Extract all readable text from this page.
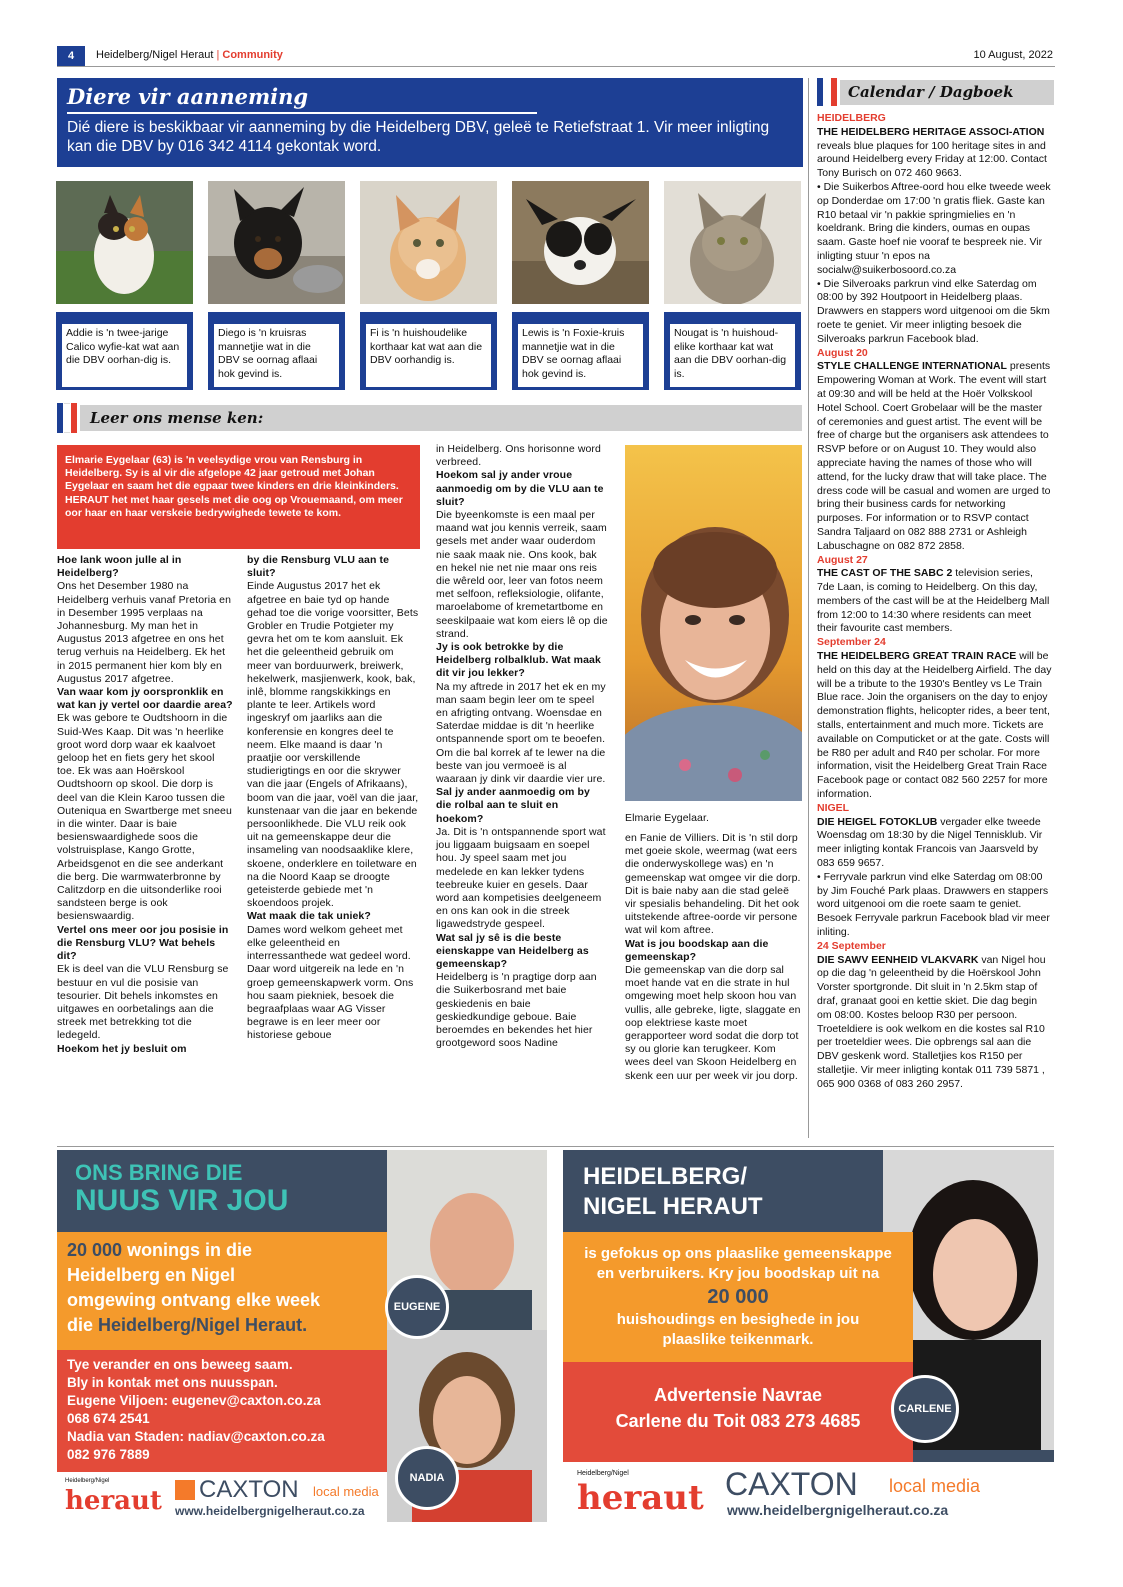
4	Heidelberg/Nigel Heraut | Community	10 August, 2022
Diere vir aanneming
Dié diere is beskikbaar vir aanneming by die Heidelberg DBV, geleë te Retiefstraat 1. Vir meer inligting kan die DBV by 016 342 4114 gekontak word.
Addie is 'n twee-jarige Calico wyfie-kat wat aan die DBV oorhan-dig is.
Diego is 'n kruisras mannetjie wat in die DBV se oornag aflaai hok gevind is.
Fi is 'n huishoudelike korthaar kat wat aan die DBV oorhandig is.
Lewis is 'n Foxie-kruis mannetjie wat in die DBV se oornag aflaai hok gevind is.
Nougat is 'n huishoud-elike korthaar kat wat aan die DBV oorhan-dig is.
Leer ons mense ken:
Elmarie Eygelaar (63) is 'n veelsydige vrou van Rensburg in Heidelberg. Sy is al vir die afgelope 42 jaar getroud met Johan Eygelaar en saam het die egpaar twee kinders en drie kleinkinders. HERAUT het met haar gesels met die oog op Vrouemaand, om meer oor haar en haar verskeie bedrywighede tewete te kom.
Hoe lank woon julle al in Heidelberg?
Ons het Desember 1980 na Heidelberg verhuis vanaf Pretoria en in Desember 1995 verplaas na Johannesburg. My man het in Augustus 2013 afgetree en ons het terug verhuis na Heidelberg. Ek het in 2015 permanent hier kom bly en Augustus 2017 afgetree.
Van waar kom jy oorspronklik en wat kan jy vertel oor daardie area?
Ek was gebore te Oudtshoorn in die Suid-Wes Kaap. Dit was 'n heerlike groot word dorp waar ek kaalvoet geloop het en fiets gery het skool toe. Ek was aan Hoërskool Oudtshoorn op skool. Die dorp is deel van die Klein Karoo tussen die Outeniqua en Swartberge met sneeu in die winter. Daar is baie besienswaardighede soos die volstruisplase, Kango Grotte, Arbeidsgenot en die see anderkant die berg. Die warmwaterbronne by Calitzdorp en die uitsonderlike rooi sandsteen berge is ook besienswaardig.
Vertel ons meer oor jou posisie in die Rensburg VLU? Wat behels dit?
Ek is deel van die VLU Rensburg se bestuur en vul die posisie van tesourier. Dit behels inkomstes en uitgawes en oorbetalings aan die streek met betrekking tot die ledegeld.
Hoekom het jy besluit om
by die Rensburg VLU aan te sluit?
Einde Augustus 2017 het ek afgetree en baie tyd op hande gehad toe die vorige voorsitter, Bets Grobler en Trudie Potgieter my gevra het om te kom aansluit. Ek het die geleentheid gebruik om meer van borduurwerk, breiwerk, hekelwerk, masjienwerk, kook, bak, inlê, blomme rangskikkings en plante te leer. Artikels word ingeskryf om jaarliks aan die konferensie en kongres deel te neem. Elke maand is daar 'n praatjie oor verskillende studierigtings en oor die skrywer van die jaar (Engels of Afrikaans), boom van die jaar, voël van die jaar, kunstenaar van die jaar en bekende persoonlikhede. Die VLU reik ook uit na gemeenskappe deur die insameling van noodsaaklike klere, skoene, onderklere en toiletware en na die Noord Kaap se droogte geteisterde gebiede met 'n skoendoos projek.
Wat maak die tak uniek?
Dames word welkom geheet met elke geleentheid en interressanthede wat gedeel word. Daar word uitgereik na lede en 'n groep gemeenskapwerk vorm. Ons hou saam piekniek, besoek die begraafplaas waar AG Visser begrawe is en leer meer oor historiese geboue
in Heidelberg. Ons horisonne word verbreed.
Hoekom sal jy ander vroue aanmoedig om by die VLU aan te sluit?
Die byeenkomste is een maal per maand wat jou kennis verreik, saam gesels met ander waar ouderdom nie saak maak nie. Ons kook, bak en hekel nie net nie maar ons reis die wêreld oor, leer van fotos neem met selfoon, refleksiologie, olifante, maroelabome of kremetartbome en seeskilpaaie wat kom eiers lê op die strand.
Jy is ook betrokke by die Heidelberg rolbalklub. Wat maak dit vir jou lekker?
Na my aftrede in 2017 het ek en my man saam begin leer om te speel en afrigting ontvang. Woensdae en Saterdae middae is dit 'n heerlike ontspannende sport om te beoefen. Om die bal korrek af te lewer na die beste van jou vermoeë is al waaraan jy dink vir daardie vier ure.
Sal jy ander aanmoedig om by die rolbal aan te sluit en hoekom?
Ja. Dit is 'n ontspannende sport wat jou liggaam buigsaam en soepel hou. Jy speel saam met jou medelede en kan lekker tydens teebreuke kuier en gesels. Daar word aan kompetisies deelgeneem en ons kan ook in die streek ligawedstryde gespeel.
Wat sal jy sê is die beste eienskappe van Heidelberg as gemeenskap?
Heidelberg is 'n pragtige dorp aan die Suikerbosrand met baie geskiedenis en baie geskiedkundige geboue. Baie beroemdes en bekendes het hier grootgeword soos Nadine
Elmarie Eygelaar.
en Fanie de Villiers. Dit is 'n stil dorp met goeie skole, weermag (wat eers die onderwyskollege was) en 'n gemeenskap wat omgee vir die dorp. Dit is baie naby aan die stad geleë vir spesialis behandeling. Dit het ook uitstekende aftree-oorde vir persone wat wil kom aftree.
Wat is jou boodskap aan die gemeenskap?
Die gemeenskap van die dorp sal moet hande vat en die strate in hul omgewing moet help skoon hou van vullis, alle gebreke, ligte, slaggate en oop elektriese kaste moet gerapporteer word sodat die dorp tot sy ou glorie kan terugkeer. Kom wees deel van Skoon Heidelberg en skenk een uur per week vir jou dorp.
Calendar / Dagboek
HEIDELBERG
THE HEIDELBERG HERITAGE ASSOCI-ATION reveals blue plaques for 100 heritage sites in and around Heidelberg every Friday at 12:00. Contact Tony Burisch on 072 460 9663.
• Die Suikerbos Aftree-oord hou elke tweede week op Donderdae om 17:00 'n gratis fliek. Gaste kan R10 betaal vir 'n pakkie springmielies en 'n koeldrank. Bring die kinders, oumas en oupas saam. Gaste hoef nie vooraf te bespreek nie. Vir inligting stuur 'n epos na socialw@suikerbosoord.co.za
• Die Silveroaks parkrun vind elke Saterdag om 08:00 by 392 Houtpoort in Heidelberg plaas. Drawwers en stappers word uitgenooi om die 5km roete te geniet. Vir meer inligting besoek die Silveroaks parkrun Facebook blad.
August 20
STYLE CHALLENGE INTERNATIONAL presents Empowering Woman at Work. The event will start at 09:30 and will be held at the Hoër Volkskool Hotel School. Coert Grobelaar will be the master of ceremonies and guest artist. The event will be free of charge but the organisers ask attendees to RSVP before or on August 10. They would also appreciate having the names of those who will attend, for the lucky draw that will take place. The dress code will be casual and women are urged to bring their business cards for networking purposes. For information or to RSVP contact Sandra Taljaard on 082 888 2731 or Ashleigh Labuschagne on 082 872 2858.
August 27
THE CAST OF THE SABC 2 television series, 7de Laan, is coming to Heidelberg. On this day, members of the cast will be at the Heidelberg Mall from 12:00 to 14:30 where residents can meet their favourite cast members.
September 24
THE HEIDELBERG GREAT TRAIN RACE will be held on this day at the Heidelberg Airfield. The day will be a tribute to the 1930's Bentley vs Le Train Blue race. Join the organisers on the day to enjoy demonstration flights, helicopter rides, a beer tent, stalls, entertainment and much more. Tickets are available on Computicket or at the gate. Costs will be R80 per adult and R40 per scholar. For more information, visit the Heidelberg Great Train Race Facebook page or contact 082 560 2257 for more information.
NIGEL
DIE HEIGEL FOTOKLUB vergader elke tweede Woensdag om 18:30 by die Nigel Tennisklub. Vir meer inligting kontak Francois van Jaarsveld by 083 659 9657.
• Ferryvale parkrun vind elke Saterdag om 08:00 by Jim Fouché Park plaas. Drawwers en stappers word uitgenooi om die roete saam te geniet. Besoek Ferryvale parkrun Facebook blad vir meer inliting.
24 September
DIE SAWV EENHEID VLAKVARK van Nigel hou op die dag 'n geleentheid by die Hoërskool John Vorster sportgronde. Dit sluit in 'n 2.5km stap of draf, granaat gooi en kettie skiet. Die dag begin om 08:00. Kostes beloop R30 per persoon. Troeteldiere is ook welkom en die kostes sal R10 per troeteldier wees. Die opbrengs sal aan die DBV geskenk word. Stalletjies kos R150 per stalletjie. Vir meer inligting kontak 011 739 5871 , 065 900 0368 of 083 260 2957.
ONS BRING DIE
NUUS VIR JOU
20 000 wonings in die
Heidelberg en Nigel
omgewing ontvang elke week
die Heidelberg/Nigel Heraut.
Tye verander en ons beweeg saam.
Bly in kontak met ons nuusspan.
Eugene Viljoen: eugenev@caxton.co.za
068 674 2541
Nadia van Staden: nadiav@caxton.co.za
082 976 7889
EUGENE
NADIA
Heidelberg/Nigel
heraut CAXTON local media
www.heidelbergnigelheraut.co.za
HEIDELBERG/
NIGEL HERAUT
is gefokus op ons plaaslike gemeenskappe
en verbruikers. Kry jou boodskap uit na
20 000
huishoudings en besighede in jou
plaaslike teikenmark.
Advertensie Navrae
Carlene du Toit 083 273 4685
CARLENE
Heidelberg/Nigel
heraut CAXTON local media
www.heidelbergnigelheraut.co.za
